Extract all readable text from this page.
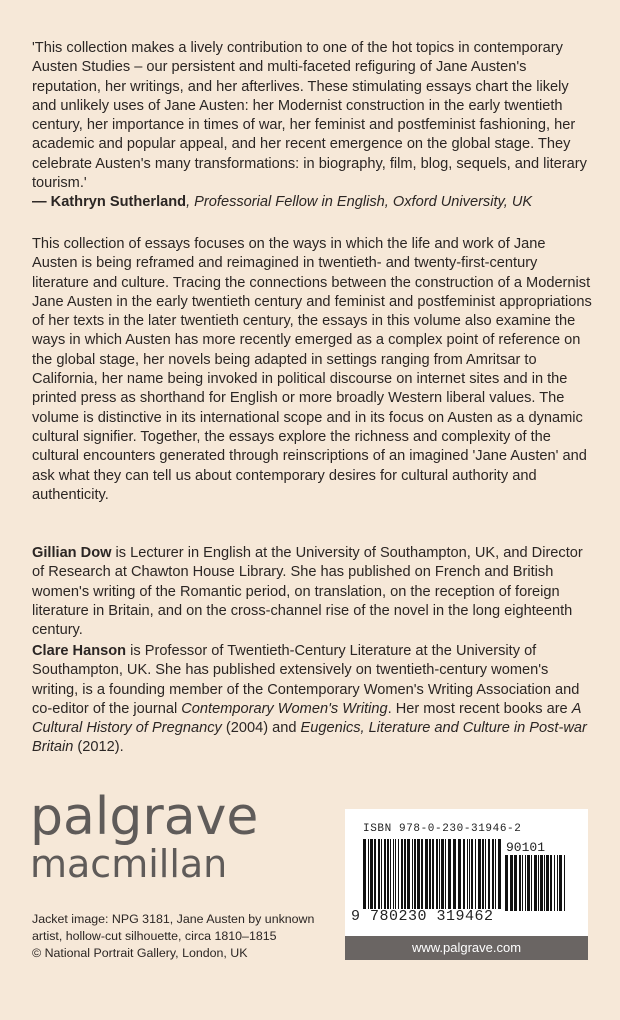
'This collection makes a lively contribution to one of the hot topics in contemporary Austen Studies – our persistent and multi-faceted refiguring of Jane Austen's reputation, her writings, and her afterlives. These stimulating essays chart the likely and unlikely uses of Jane Austen: her Modernist construction in the early twentieth century, her importance in times of war, her feminist and postfeminist fashioning, her academic and popular appeal, and her recent emergence on the global stage. They celebrate Austen's many transformations: in biography, film, blog, sequels, and literary tourism.'
— Kathryn Sutherland, Professorial Fellow in English, Oxford University, UK

This collection of essays focuses on the ways in which the life and work of Jane Austen is being reframed and reimagined in twentieth- and twenty-first-century literature and culture. Tracing the connections between the construction of a Modernist Jane Austen in the early twentieth century and feminist and postfeminist appropriations of her texts in the later twentieth century, the essays in this volume also examine the ways in which Austen has more recently emerged as a complex point of reference on the global stage, her novels being adapted in settings ranging from Amritsar to California, her name being invoked in political discourse on internet sites and in the printed press as shorthand for English or more broadly Western liberal values. The volume is distinctive in its international scope and in its focus on Austen as a dynamic cultural signifier. Together, the essays explore the richness and complexity of the cultural encounters generated through reinscriptions of an imagined 'Jane Austen' and ask what they can tell us about contemporary desires for cultural authority and authenticity.

Gillian Dow is Lecturer in English at the University of Southampton, UK, and Director of Research at Chawton House Library. She has published on French and British women's writing of the Romantic period, on translation, on the reception of foreign literature in Britain, and on the cross-channel rise of the novel in the long eighteenth century.

Clare Hanson is Professor of Twentieth-Century Literature at the University of Southampton, UK. She has published extensively on twentieth-century women's writing, is a founding member of the Contemporary Women's Writing Association and co-editor of the journal Contemporary Women's Writing. Her most recent books are A Cultural History of Pregnancy (2004) and Eugenics, Literature and Culture in Post-war Britain (2012).

palgrave
macmillan

Jacket image: NPG 3181, Jane Austen by unknown
artist, hollow-cut silhouette, circa 1810–1815
© National Portrait Gallery, London, UK

ISBN 978-0-230-31946-2
90101
9 780230 319462
www.palgrave.com
